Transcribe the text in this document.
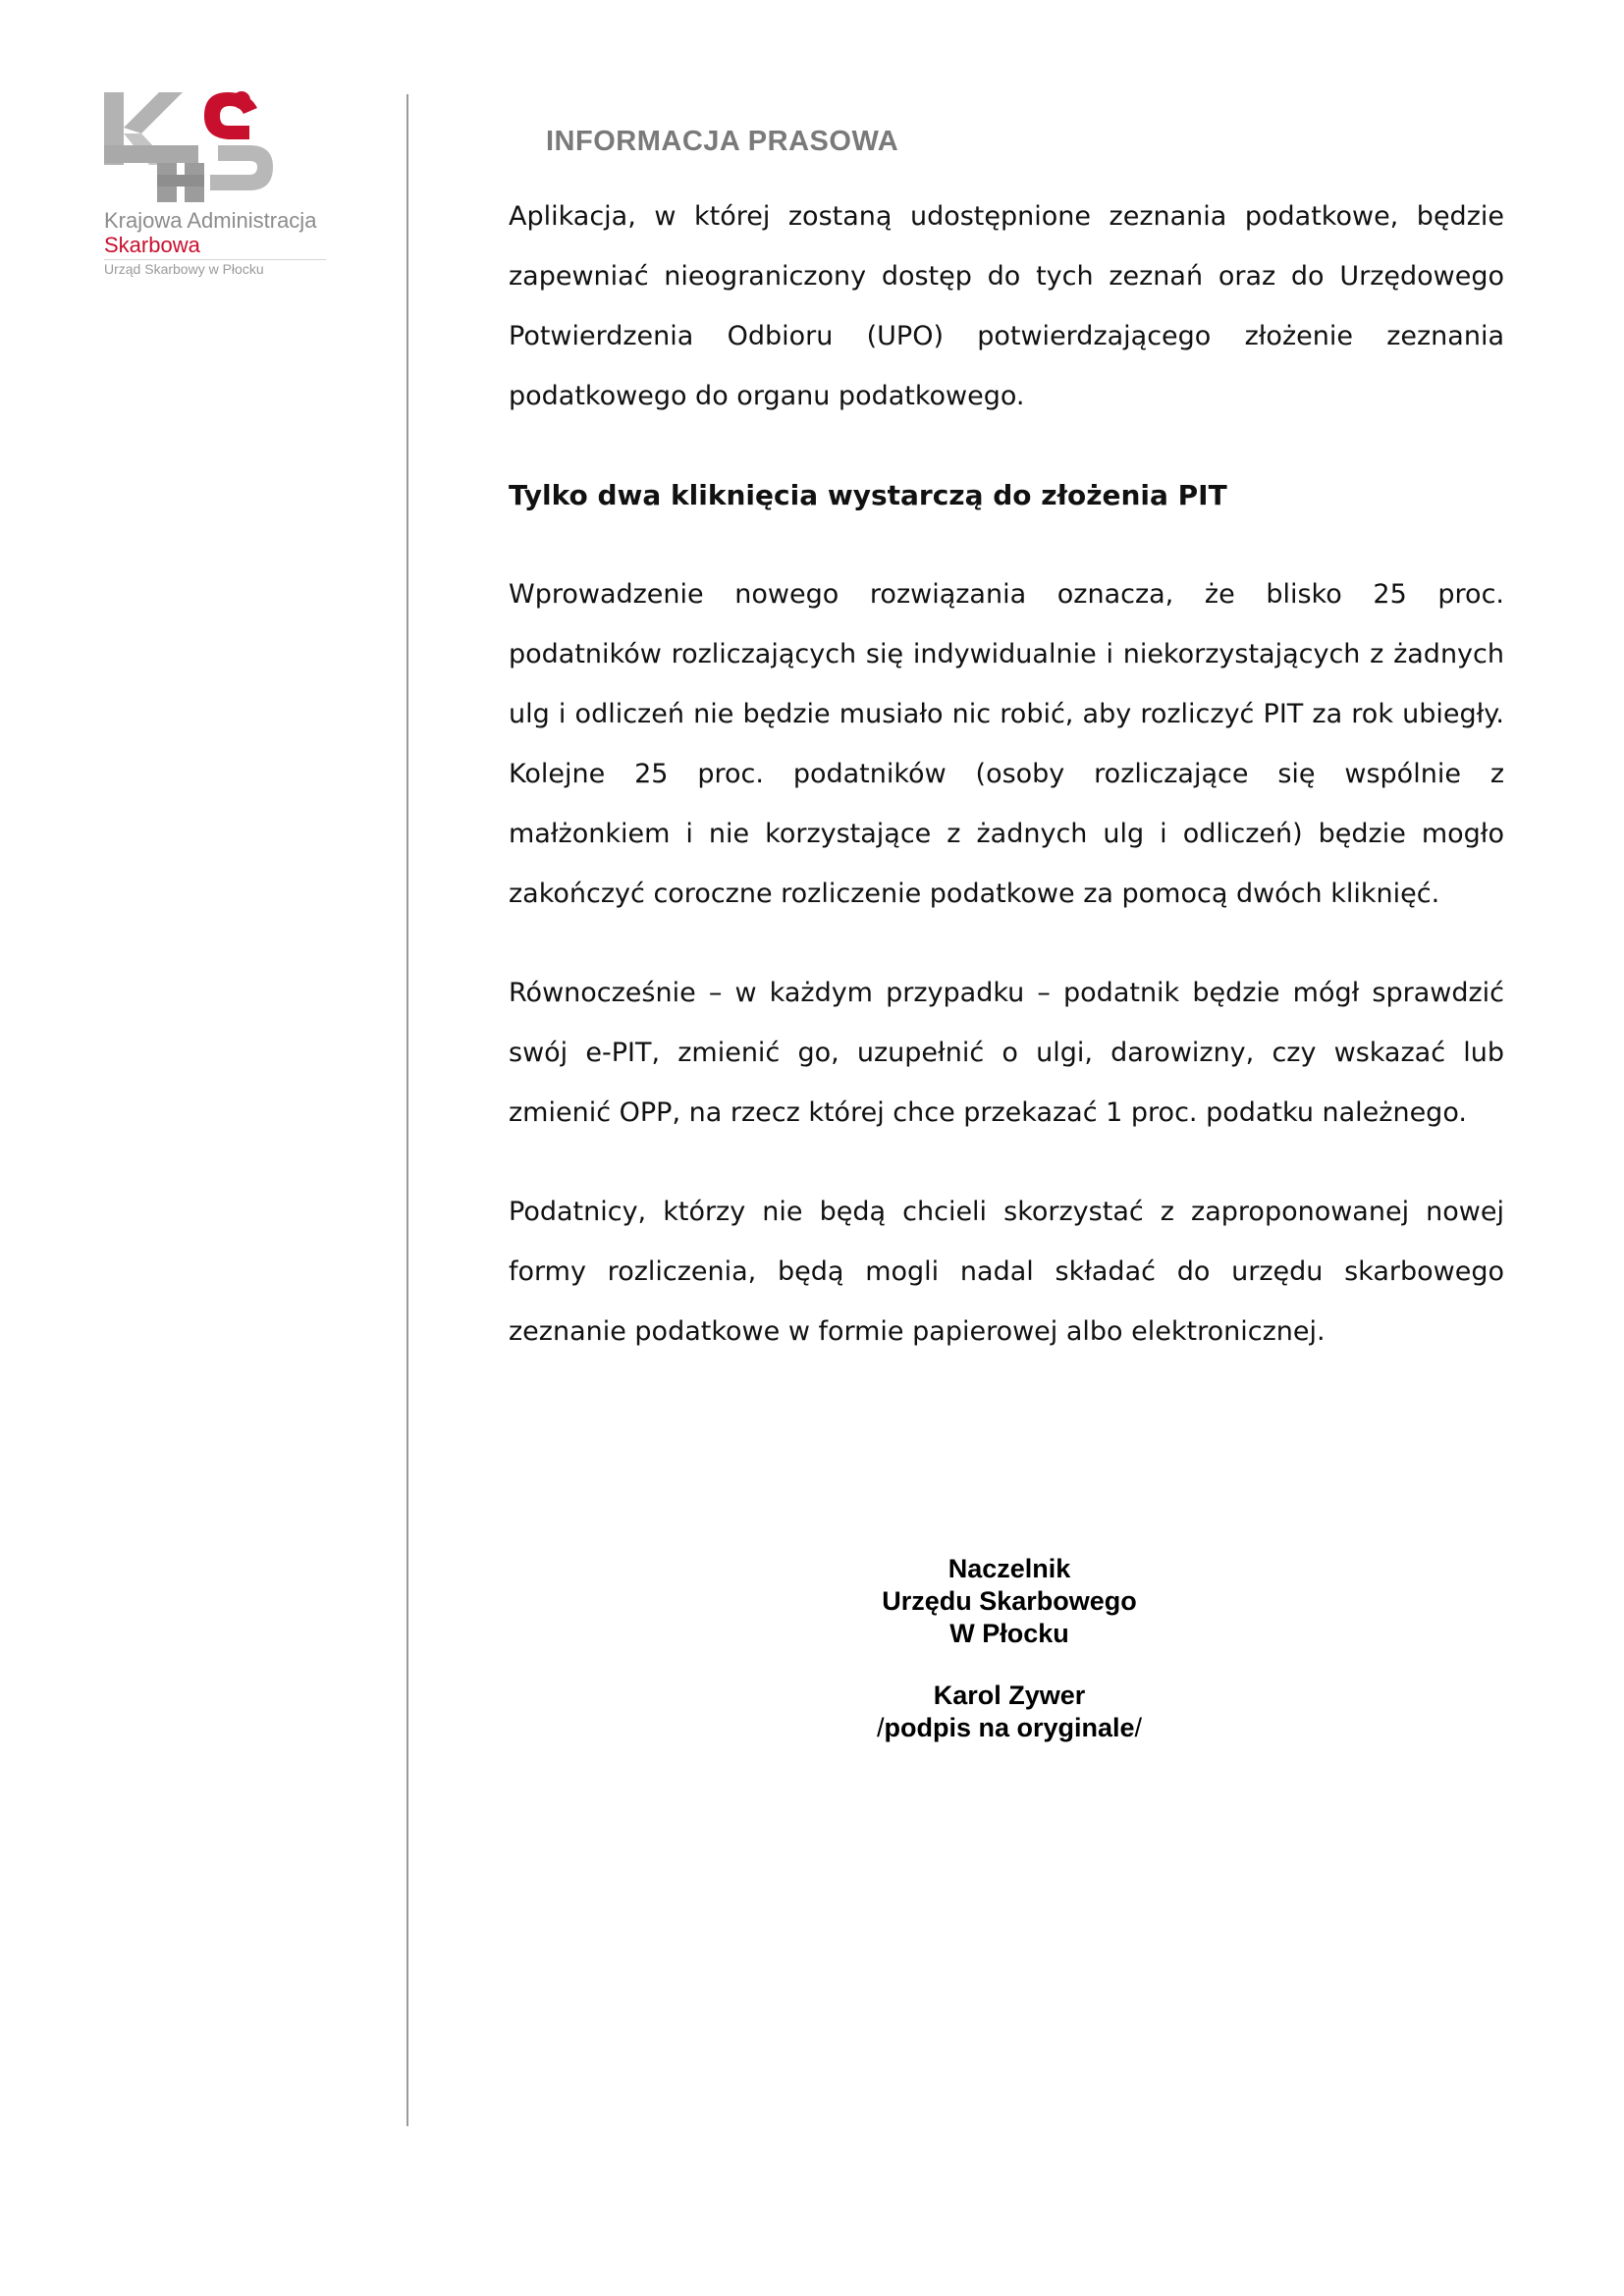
Krajowa Administracja
Skarbowa
Urząd Skarbowy w Płocku
INFORMACJA PRASOWA

Aplikacja, w której zostaną udostępnione zeznania podatkowe, będzie zapewniać nieograniczony dostęp do tych zeznań oraz do Urzędowego Potwierdzenia Odbioru (UPO) potwierdzającego złożenie zeznania podatkowego do organu podatkowego.

Tylko dwa kliknięcia wystarczą do złożenia PIT

Wprowadzenie nowego rozwiązania oznacza, że blisko 25 proc. podatników rozliczających się indywidualnie i niekorzystających z żadnych ulg i odliczeń nie będzie musiało nic robić, aby rozliczyć PIT za rok ubiegły. Kolejne 25 proc. podatników (osoby rozliczające się wspólnie z małżonkiem i nie korzystające z żadnych ulg i odliczeń) będzie mogło zakończyć coroczne rozliczenie podatkowe za pomocą dwóch kliknięć.

Równocześnie – w każdym przypadku – podatnik będzie mógł sprawdzić swój e-PIT, zmienić go, uzupełnić o ulgi, darowizny, czy wskazać lub zmienić OPP, na rzecz której chce przekazać 1 proc. podatku należnego.

Podatnicy, którzy nie będą chcieli skorzystać z zaproponowanej nowej formy rozliczenia, będą mogli nadal składać do urzędu skarbowego zeznanie podatkowe w formie papierowej albo elektronicznej.

Naczelnik
Urzędu Skarbowego
W Płocku
Karol Zywer
/podpis na oryginale/
